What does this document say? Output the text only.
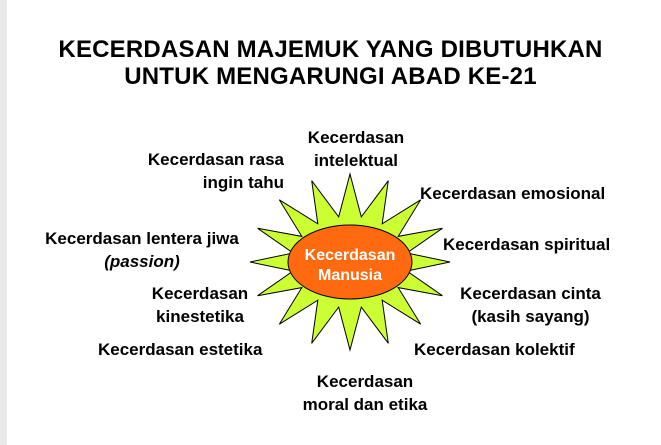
KECERDASAN MAJEMUK YANG DIBUTUHKAN
UNTUK MENGARUNGI ABAD KE-21
Kecerdasan
Manusia
Kecerdasan
intelektual
Kecerdasan rasa
ingin tahu
Kecerdasan emosional
Kecerdasan lentera jiwa
(passion)
Kecerdasan spiritual
Kecerdasan
kinestetika
Kecerdasan cinta
(kasih sayang)
Kecerdasan estetika	Kecerdasan kolektif
Kecerdasan
moral dan etika
